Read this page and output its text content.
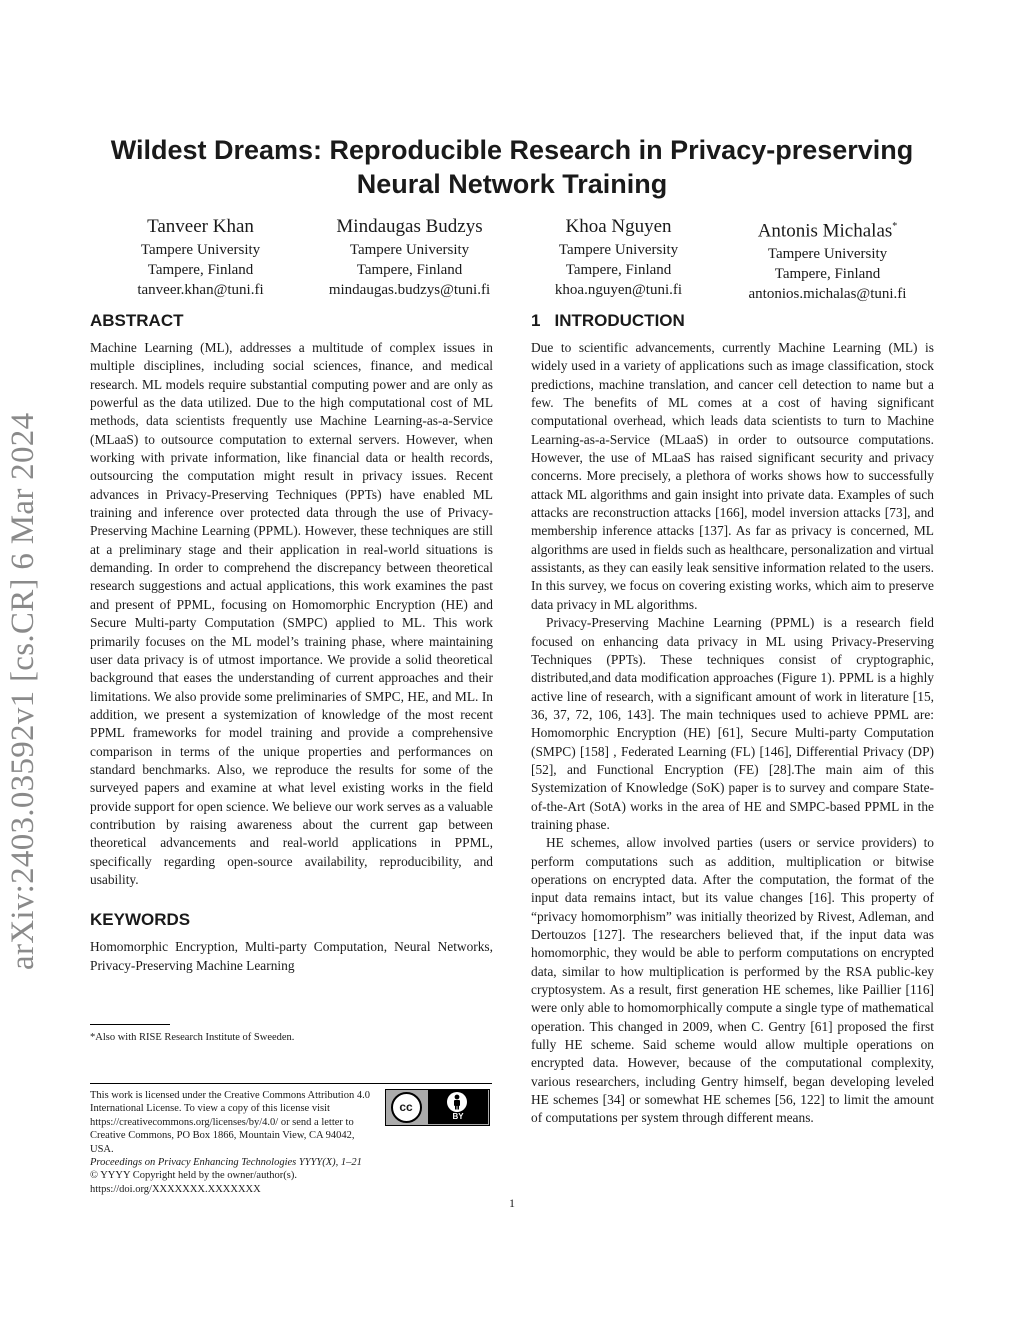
arXiv:2403.03592v1 [cs.CR] 6 Mar 2024
Wildest Dreams: Reproducible Research in Privacy-preserving
Neural Network Training
Tanveer Khan
Tampere University
Tampere, Finland
tanveer.khan@tuni.fi
Mindaugas Budzys
Tampere University
Tampere, Finland
mindaugas.budzys@tuni.fi
Khoa Nguyen
Tampere University
Tampere, Finland
khoa.nguyen@tuni.fi
Antonis Michalas*
Tampere University
Tampere, Finland
antonios.michalas@tuni.fi
ABSTRACT

Machine Learning (ML), addresses a multitude of complex issues in multiple disciplines, including social sciences, finance, and medical research. ML models require substantial computing power and are only as powerful as the data utilized. Due to the high computational cost of ML methods, data scientists frequently use Machine Learning-as-a-Service (MLaaS) to outsource computation to external servers. However, when working with private information, like financial data or health records, outsourcing the computation might result in privacy issues. Recent advances in Privacy-Preserving Techniques (PPTs) have enabled ML training and inference over protected data through the use of Privacy-Preserving Machine Learning (PPML). However, these techniques are still at a preliminary stage and their application in real-world situations is demanding. In order to comprehend the discrepancy between theoretical research suggestions and actual applications, this work examines the past and present of PPML, focusing on Homomorphic Encryption (HE) and Secure Multi-party Computation (SMPC) applied to ML. This work primarily focuses on the ML model’s training phase, where maintaining user data privacy is of utmost importance. We provide a solid theoretical background that eases the understanding of current approaches and their limitations. We also provide some preliminaries of SMPC, HE, and ML. In addition, we present a systemization of knowledge of the most recent PPML frameworks for model training and provide a comprehensive comparison in terms of the unique properties and performances on standard benchmarks. Also, we reproduce the results for some of the surveyed papers and examine at what level existing works in the field provide support for open science. We believe our work serves as a valuable contribution by raising awareness about the current gap between theoretical advancements and real-world applications in PPML, specifically regarding open-source availability, reproducibility, and usability.

KEYWORDS

Homomorphic Encryption, Multi-party Computation, Neural Networks, Privacy-Preserving Machine Learning

*Also with RISE Research Institute of Sweeden.
This work is licensed under the Creative Commons Attribution 4.0 International License. To view a copy of this license visit https://creativecommons.org/licenses/by/4.0/ or send a letter to Creative Commons, PO Box 1866, Mountain View, CA 94042, USA.
Proceedings on Privacy Enhancing Technologies YYYY(X), 1–21
© YYYY Copyright held by the owner/author(s).
https://doi.org/XXXXXXX.XXXXXXX
cc
BY
1 INTRODUCTION

Due to scientific advancements, currently Machine Learning (ML) is widely used in a variety of applications such as image classification, stock predictions, machine translation, and cancer cell detection to name but a few. The benefits of ML comes at a cost of having significant computational overhead, which leads data scientists to turn to Machine Learning-as-a-Service (MLaaS) in order to outsource computations. However, the use of MLaaS has raised significant security and privacy concerns. More precisely, a plethora of works shows how to successfully attack ML algorithms and gain insight into private data. Examples of such attacks are reconstruction attacks [166], model inversion attacks [73], and membership inference attacks [137]. As far as privacy is concerned, ML algorithms are used in fields such as healthcare, personalization and virtual assistants, as they can easily leak sensitive information related to the users. In this survey, we focus on covering existing works, which aim to preserve data privacy in ML algorithms.

Privacy-Preserving Machine Learning (PPML) is a research field focused on enhancing data privacy in ML using Privacy-Preserving Techniques (PPTs). These techniques consist of cryptographic, distributed,and data modification approaches (Figure 1). PPML is a highly active line of research, with a significant amount of work in literature [15, 36, 37, 72, 106, 143]. The main techniques used to achieve PPML are: Homomorphic Encryption (HE) [61], Secure Multi-party Computation (SMPC) [158] , Federated Learning (FL) [146], Differential Privacy (DP) [52], and Functional Encryption (FE) [28].The main aim of this Systemization of Knowledge (SoK) paper is to survey and compare State-of-the-Art (SotA) works in the area of HE and SMPC-based PPML in the training phase.

HE schemes, allow involved parties (users or service providers) to perform computations such as addition, multiplication or bitwise operations on encrypted data. After the computation, the format of the input data remains intact, but its value changes [16]. This property of “privacy homomorphism” was initially theorized by Rivest, Adleman, and Dertouzos [127]. The researchers believed that, if the input data was homomorphic, they would be able to perform computations on encrypted data, similar to how multiplication is performed by the RSA public-key cryptosystem. As a result, first generation HE schemes, like Paillier [116] were only able to homomorphically compute a single type of mathematical operation. This changed in 2009, when C. Gentry [61] proposed the first fully HE scheme. Said scheme would allow multiple operations on encrypted data. However, because of the computational complexity, various researchers, including Gentry himself, began developing leveled HE schemes [34] or somewhat HE schemes [56, 122] to limit the amount of computations per system through different means.

1
